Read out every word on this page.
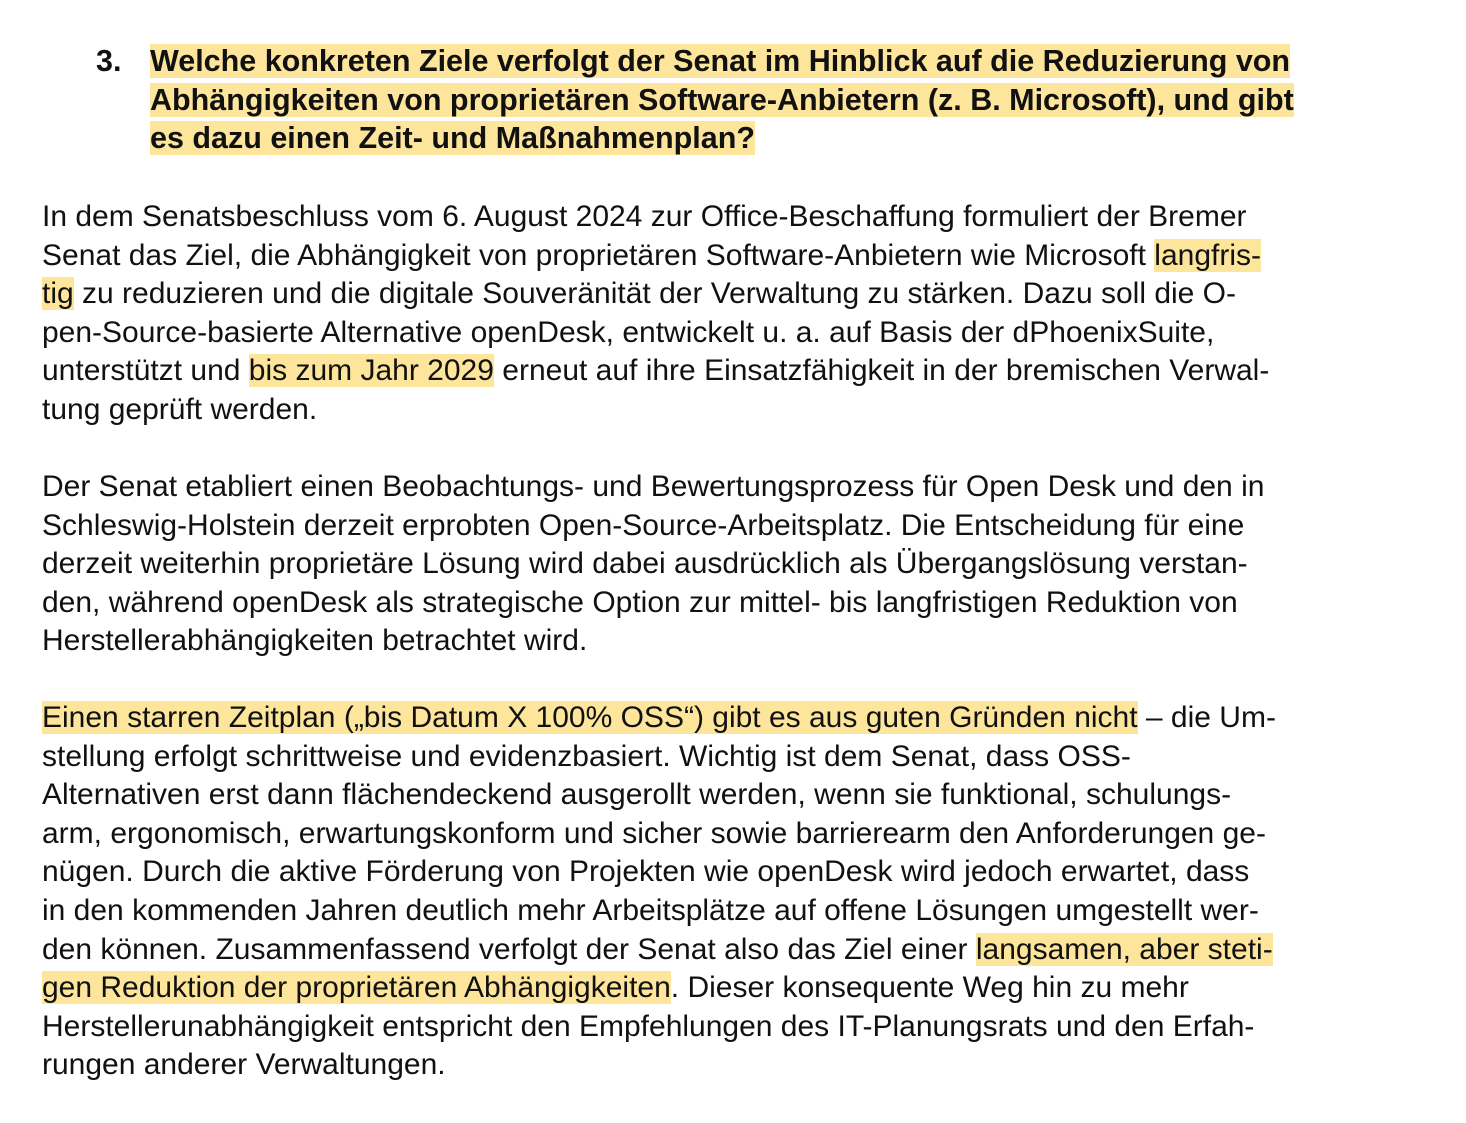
3. Welche konkreten Ziele verfolgt der Senat im Hinblick auf die Reduzierung von
Abhängigkeiten von proprietären Software-Anbietern (z. B. Microsoft), und gibt
es dazu einen Zeit- und Maßnahmenplan?
In dem Senatsbeschluss vom 6. August 2024 zur Office-Beschaffung formuliert der Bremer
Senat das Ziel, die Abhängigkeit von proprietären Software-Anbietern wie Microsoft langfris-
tig zu reduzieren und die digitale Souveränität der Verwaltung zu stärken. Dazu soll die O-
pen-Source-basierte Alternative openDesk, entwickelt u. a. auf Basis der dPhoenixSuite,
unterstützt und bis zum Jahr 2029 erneut auf ihre Einsatzfähigkeit in der bremischen Verwal-
tung geprüft werden.
Der Senat etabliert einen Beobachtungs- und Bewertungsprozess für Open Desk und den in
Schleswig-Holstein derzeit erprobten Open-Source-Arbeitsplatz. Die Entscheidung für eine
derzeit weiterhin proprietäre Lösung wird dabei ausdrücklich als Übergangslösung verstan-
den, während openDesk als strategische Option zur mittel- bis langfristigen Reduktion von
Herstellerabhängigkeiten betrachtet wird.
Einen starren Zeitplan („bis Datum X 100% OSS“) gibt es aus guten Gründen nicht – die Um-
stellung erfolgt schrittweise und evidenzbasiert. Wichtig ist dem Senat, dass OSS-
Alternativen erst dann flächendeckend ausgerollt werden, wenn sie funktional, schulungs-
arm, ergonomisch, erwartungskonform und sicher sowie barrierearm den Anforderungen ge-
nügen. Durch die aktive Förderung von Projekten wie openDesk wird jedoch erwartet, dass
in den kommenden Jahren deutlich mehr Arbeitsplätze auf offene Lösungen umgestellt wer-
den können. Zusammenfassend verfolgt der Senat also das Ziel einer langsamen, aber steti-
gen Reduktion der proprietären Abhängigkeiten. Dieser konsequente Weg hin zu mehr
Herstellerunabhängigkeit entspricht den Empfehlungen des IT-Planungsrats und den Erfah-
rungen anderer Verwaltungen.
